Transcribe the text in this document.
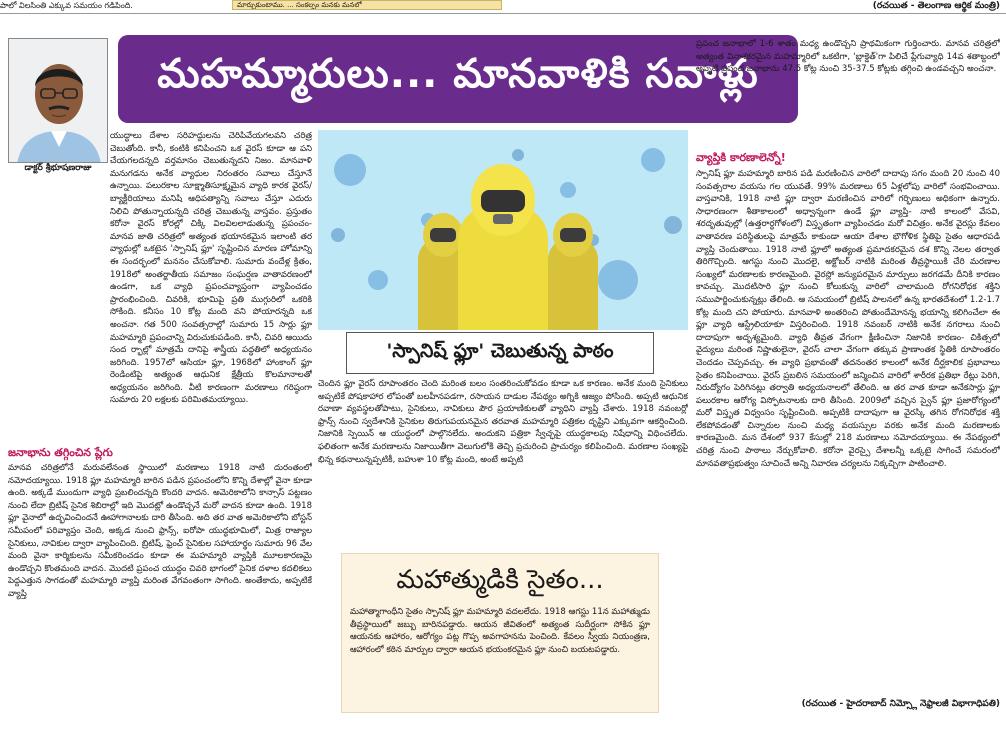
పాలో విలసింతి ఎక్కువ సమయం గడిపింది.	మార్చుకుంటాము. ... సంకల్పం మనకు మనలో	(రచయిత - తెలంగాణ ఆర్థిక మంత్రి)
డాక్టర్ శ్రీభూషణరాజు
మహమ్మారులు... మానవాళికి సవాళ్లు
'స్పానిష్ ఫ్లూ' చెబుతున్న పాఠం

యుద్ధాలు దేశాల సరిహద్దులను చెరిపివేయగలవని చరిత్ర చెబుతోంది. కానీ, కంటికి కనిపించని ఒక వైరస్ కూడా ఆ పని చేయగలదన్నది వర్తమానం చెబుతున్నదని నిజం. మానవాళి మనుగడను అనేక వ్యాధుల నిరంతరం సవాలు చేస్తూనే ఉన్నాయి. పలురకాల సూక్ష్మాతిసూక్ష్మమైన వ్యాధి కారక వైరస్/ బ్యాక్టీరియాలు మనిషి ఆధిపత్యాన్ని సవాలు చేస్తూ ఎదురు నిలిచి పోతున్నాయన్నది చరిత్ర చెబుతున్న వాస్తవం. ప్రస్తుతం కరోనా వైరస్ కోరల్లో చిక్కి విలవిలలాడుతున్న ప్రపంచం- మానవ జాతి చరిత్రలో అత్యంత భయానకమైన ఇలాంటి తర వ్యాధుల్లో ఒకటైన 'స్పానిష్ ఫ్లూ' సృష్టించిన మారణ హోమాన్ని ఈ సందర్భంలో మననం చేసుకోవాలి. సుమారు వందేళ్ల క్రితం, 1918లో అంతర్జాతీయ సమాజం సంఘర్షణ వాతావరణంలో ఉండగా, ఒక వ్యాధి ప్రపంచవ్యాప్తంగా వ్యాపించడం ప్రారంభించింది. చివరికి, భూమిపై ప్రతి ముగ్గురిలో ఒకరికి సోకింది. కనీసం 10 కోట్ల మంది వని పోయారన్నది ఒక అంచనా. గత 500 సంవత్సరాల్లో సుమారు 15 సార్లు ఫ్లూ మహమ్మారి ప్రపంచాన్ని విరుచుకుపడింది. కానీ, చివరి ఆయిదు సంద ర్భాల్లో మాత్రమే దానిపై శాస్త్రీయ పద్ధతిలో అధ్యయనం జరిగింది. 1957లో ఆసియా ఫ్లూ, 1968లో హాంకాంగ్ ఫ్లూ రెండింటిపై అత్యంత ఆధునిక క్షేత్రీయ కొలమానాలతో అధ్యయనం జరిగింది. వీటి కారణంగా మరణాలు గరిష్ఠంగా సుమారు 20 లక్షలకు పరిమితమయ్యాయి.

జనాభాను తగ్గించిన ప్లేగు

మానవ చరిత్రలోనే మరువలేనంత స్థాయిలో మరణాలు 1918 నాటి దురంతంలో నమోదయ్యాయి. 1918 ఫ్లూ మహమ్మారి బారిన పడిన ప్రపంచంలోని కొన్ని దేశాల్లో వైనా కూడా ఉంది. అక్కడే ముందుగా వ్యాధి ప్రబలిందన్నది కొందరి వాదన. అమెరికాలోని కాన్సాస్ పట్టణం నుంచి లేదా బ్రిటిష్ సైనిక శిబిరాల్లో ఇది మొదట్లో ఉండొచ్చనే మరో వాదన కూడా ఉంది. 1918 ఫ్లూ వైనాలో ఉద్భవించిందనే ఊహాగానాలకు దారి తీసింది. అది తర వాత అమెరికాలోని బోస్టన్ సమీపంలో పరివ్యాప్తం చెంది, అక్కడ నుంచి ఫ్రాన్స్, ఐరోపా యుద్ధభూమిలో, మిత్ర రాజ్యాల సైనికులు, నావికుల ద్వారా వ్యాపించింది. బ్రిటిష్, ఫ్రెంచ్ సైనికుల సహాయార్థం సుమారు 96 వేల మంది వైనా కార్మికులను సమీకరించడం కూడా ఈ మహమ్మారి వ్యాప్తికి మూలకారణమై ఉండొచ్చని కొంతమంది వాదన. మొదటి ప్రపంచ యుద్ధం చివరి భాగంలో సైనిక దళాల కదలికలు పెద్దఎత్తున సాగడంతో మహమ్మారి వ్యాప్తి మరింత వేగవంతంగా సాగింది. అంతేకాదు, అప్పటికే వ్యాప్తి

చెందిన ఫ్లూ వైరస్ రూపాంతరం చెంది మరింత బలం సంతరించుకోవడం కూడా ఒక కారణం. అనేక మంది సైనికులు అప్పటికే పోషకాహార లోపంతో బలహీనపడగా, రసాయన దాడుల నేపథ్యం అగ్నికి ఆజ్యం పోసింది. అప్పటి ఆధునిక రవాణా వ్యవస్థలతోపాటు, సైనికులు, నావికులు పౌర ప్రయాణికులతో వ్యాధిని వ్యాప్తి చేశారు. 1918 నవంబర్లో ఫ్రాన్స్ నుంచి స్వదేశానికి సైనికుల తిరుగుపయనమైన తరవాత మహమ్మారి పత్రికల దృష్టిని ఎక్కువగా ఆకర్షించింది. నిజానికి స్పెయిన్ ఆ యుద్ధంలో పాల్గొనలేదు. అందుకని పత్రికా స్వేచ్ఛపై యుద్ధకాలపు నిషేధాన్ని విధించలేదు. ఫలితంగా అనేక మరణాలను నిజాయితీగా వెలుగులోకి తెచ్చి ప్రచురించి ప్రాచుర్యం కలిపించింది. మరణాల సంఖ్యపై భిన్న కథనాలున్నప్పటికీ, బహుశా 10 కోట్ల మంది, అంటే అప్పటి

మహాత్ముడికి సైతం...
మహాత్మాగాంధీని సైతం స్పానిష్ ఫ్లూ మహమ్మారి వదలలేదు. 1918 ఆగస్టు 11న మహాత్ముడు తీవ్రస్థాయిలో జబ్బు బారినపడ్డారు. ఆయన జీవితంలో అత్యంత సుదీర్ఘంగా సోకిన ఫ్లూ ఆయనకు ఆహారం, ఆరోగ్యం పట్ల గొప్ప అవగాహనను పెంచింది. కేవలం స్వీయ నియంత్రణ, ఆహారంలో కఠిన మార్పుల ద్వారా ఆయన భయంకరమైన ఫ్లూ నుంచి బయటపడ్డారు.

ప్రపంచ జనాభాలో 1-6 శాతం మధ్య ఉండొచ్చని ప్రాథమికంగా గుర్తించారు. మానవ చరిత్రలో అత్యంత వినాశకరమైన మహమ్మారిలో ఒకటిగా, 'బ్లాక్డెత్'గా పిలిచే ప్లేగువ్యాధి 14వ శతాబ్దంలో అప్పటి ప్రపంచ జనాభాను 47.5 కోట్ల నుంచి 35-37.5 కోట్లకు తగ్గించి ఉండవచ్చని అంచనా.

వ్యాప్తికి కారణాలెన్నో!

స్పానిష్ ఫ్లూ మహమ్మారి బారిన పడి మరణించిన వారిలో దాదాపు సగం మంది 20 నుంచి 40 సంవత్సరాల వయసు గల యువతే. 99% మరణాలు 65 ఏళ్లలోపు వారిలో సంభవించాయి. వాస్తవానికి, 1918 నాటి ఫ్లూ ద్వారా మరణించిన వారిలో గర్భిణులు అధికంగా ఉన్నారు. సాధారణంగా శీతాకాలంలో అధ్వాన్నంగా ఉండే ఫ్లూ వ్యాప్తి- నాటి కాలంలో వేసవి, శరదృతువుల్లో (ఉత్తరార్ధగోళంలో) విస్తృతంగా వ్యాపించడం మరో విచిత్రం. అనేక వైరస్లు కేవలం వాతావరణ పరిస్థితులపై మాత్రమే కాకుండా ఆయా దేశాల భౌగోళిక స్థితిపై సైతం ఆధారపడి వ్యాప్తి చెందుతాయి. 1918 నాటి ఫ్లూలో అత్యంత ప్రమాదకరమైన దశ కొన్ని నెలల తర్వాత తిరిగొచ్చింది. ఆగస్టు నుంచి మొదలై, అక్టోబర్ నాటికి మరింత తీవ్రస్థాయికి చేరి మరణాల సంఖ్యలో మరణాలకు కారణమైంది. వైరస్లో జన్యుపరమైన మార్పులు జరగడమే దీనికి కారణం కావచ్చు. మొదటిసారి ఫ్లూ నుంచి కోలుకున్న వారిలో చాలామంది రోగనిరోధక శక్తిని సముపార్జించుకున్నట్లు తేలింది. ఆ సమయంలో బ్రిటిష్ పాలనలో ఉన్న భారతదేశంలో 1.2-1.7 కోట్ల మంది చని పోయారు. మానవాళి అంతరించి పోతుందేమోనన్న భయాన్ని కలిగించేలా ఈ ఫ్లూ వ్యాధి ఆస్ట్రేలియాకూ విస్తరించింది. 1918 నవంబర్ నాటికి అనేక నగరాలు నుంచి దాదాపుగా అదృశ్యమైంది. వ్యాధి తీవ్రత వేగంగా క్షీణించినా నిజానికి కారణం- చికిత్సలో వైద్యులు మరింత నిష్ణాతులైనా, వైరస్ చాలా వేగంగా తక్కువ ప్రాణాంతక స్థితికి రూపాంతరం చెందడం చెప్పవచ్చు. ఈ వ్యాధి ప్రభావంతో తదనంతర కాలంలో అనేక దీర్ఘకాలిక ప్రభావాలు సైతం కనిపించాయి. వైరస్ ప్రబలిన సమయంలో జన్మించిన వారిలో శారీరక ప్రతిభా రేట్లు పెరిగి, నిరుద్యోగం పెరిగినట్లు తర్వాతి అధ్యయనాలలో తేలింది. ఆ తర వాత కూడా అనేకసార్లు ఫ్లూ పలురకాల ఆరోగ్య విస్ఫోటనాలకు దారి తీసింది. 2009లో వచ్చిన స్వైన్ ఫ్లూ ప్రజారోగ్యంలో మరో విస్తృత విధ్వంసం సృష్టించింది. అప్పటికి దాదాపుగా ఆ వైరస్కి తగిన రోగనిరోధక శక్తి లేకపోవడంతో చిన్నారుల నుంచి మధ్య వయస్సుల వరకు అనేక మంది మరణాలకు కారణమైంది. మన దేశంలో 937 కేసుల్లో 218 మరణాలు నమోదయ్యాయి. ఈ నేపథ్యంలో చరిత్ర నుంచి పాఠాలు నేర్చుకోవాలి. కరోనా వైరస్పై దేశాలన్నీ ఒక్కటై సాగించే సమరంలో మానవతాప్రభుత్వం సూచించే అన్ని నివారణ చర్యలను నిక్కచ్చిగా పాటించాలి.

(రచయిత - హైదరాబాద్ నిమ్స్లో నెఫ్రాలజీ విభాగాధిపతి)
